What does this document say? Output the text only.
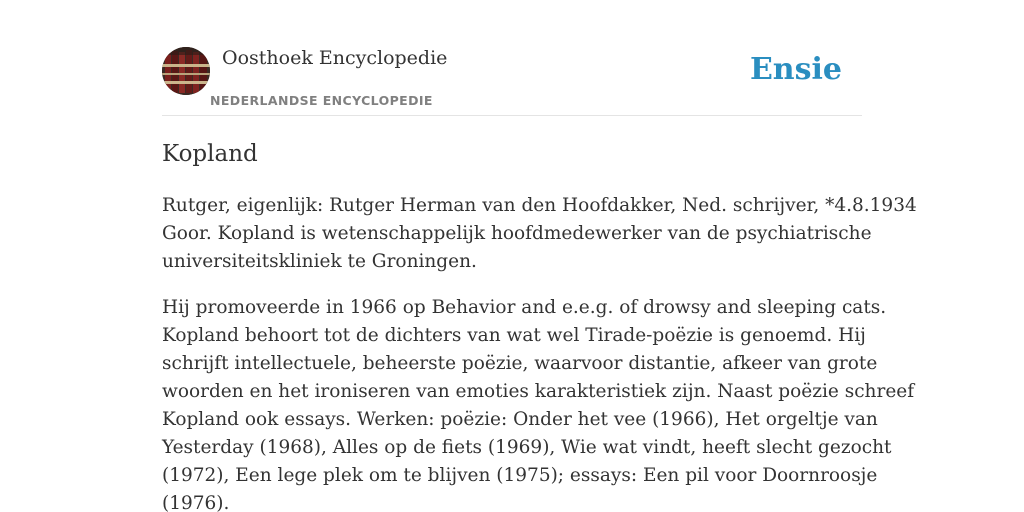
Oosthoek Encyclopedie
NEDERLANDSE ENCYCLOPEDIE
Ensie
Kopland

Rutger, eigenlijk: Rutger Herman van den Hoofdakker, Ned. schrijver, *4.8.1934
Goor. Kopland is wetenschappelijk hoofdmedewerker van de psychiatrische
universiteitskliniek te Groningen.

Hij promoveerde in 1966 op Behavior and e.e.g. of drowsy and sleeping cats.
Kopland behoort tot de dichters van wat wel Tirade-poëzie is genoemd. Hij
schrijft intellectuele, beheerste poëzie, waarvoor distantie, afkeer van grote
woorden en het ironiseren van emoties karakteristiek zijn. Naast poëzie schreef
Kopland ook essays. Werken: poëzie: Onder het vee (1966), Het orgeltje van
Yesterday (1968), Alles op de fiets (1969), Wie wat vindt, heeft slecht gezocht
(1972), Een lege plek om te blijven (1975); essays: Een pil voor Doornroosje
(1976).
